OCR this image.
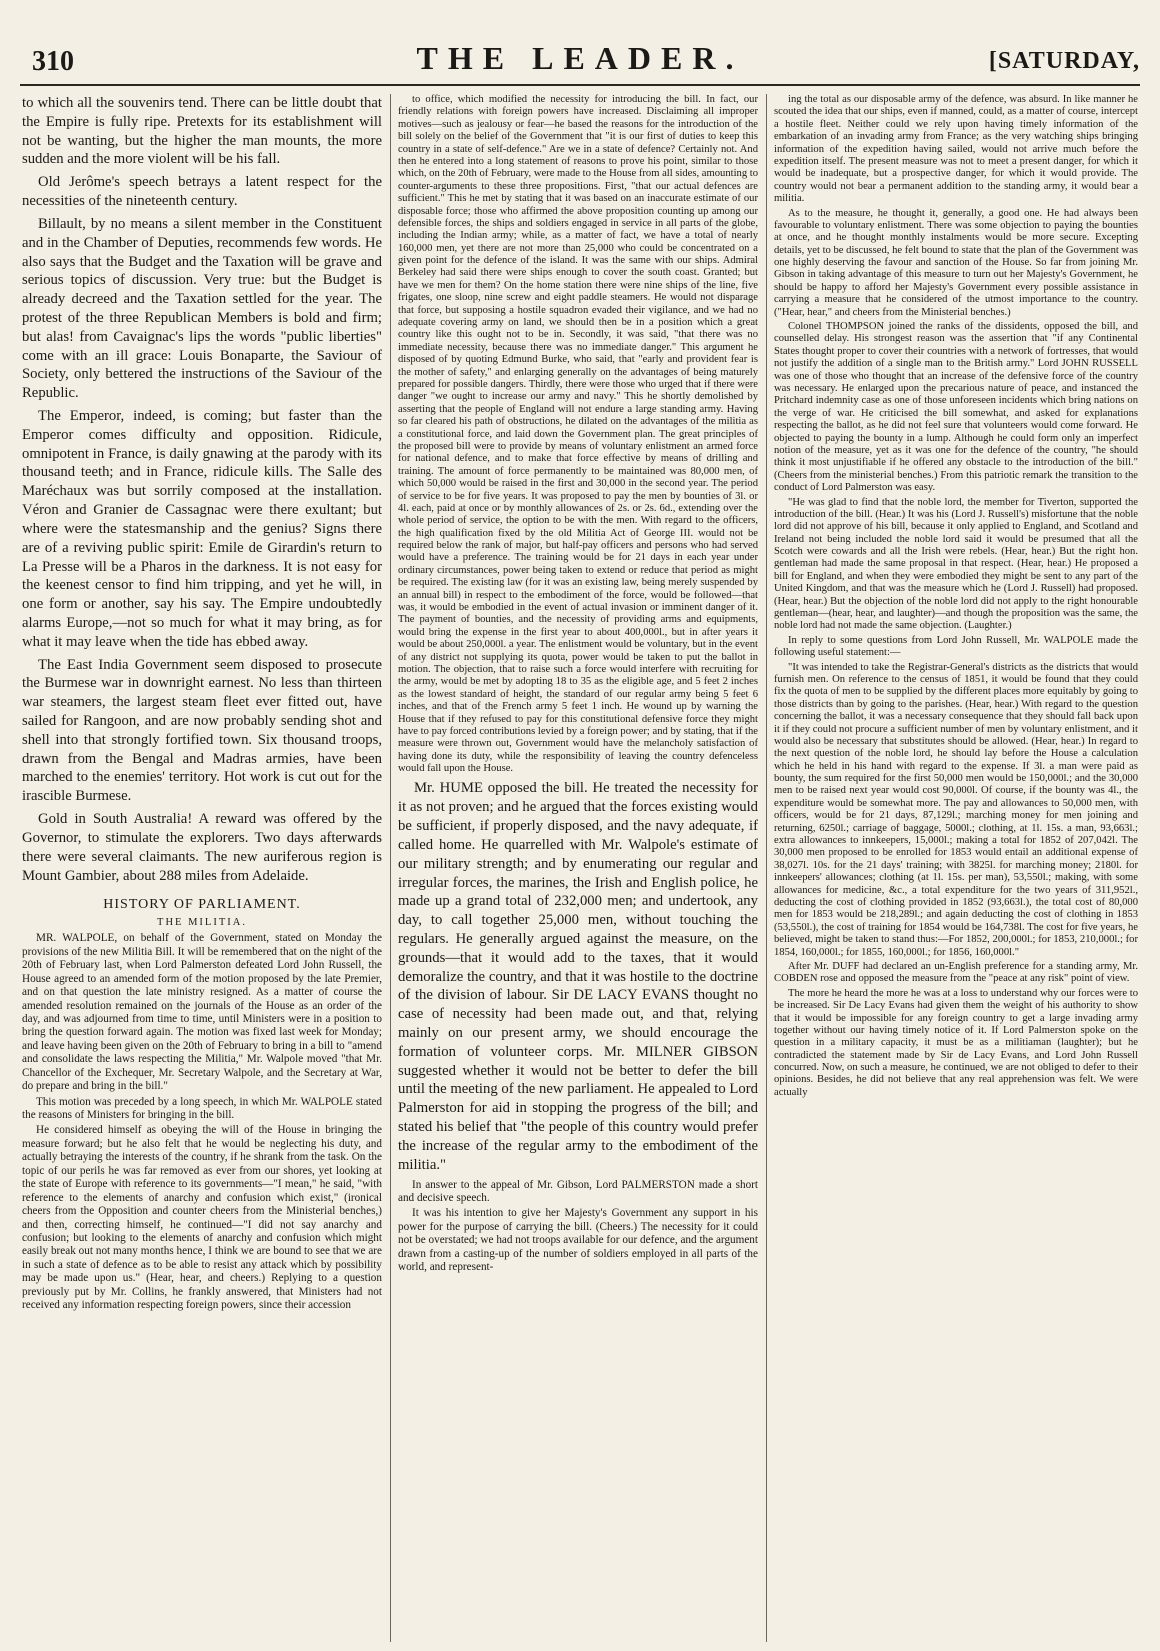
310	THE LEADER.	[SATURDAY,

to which all the souvenirs tend. There can be little doubt that the Empire is fully ripe. Pretexts for its establishment will not be wanting, but the higher the man mounts, the more sudden and the more violent will be his fall.

Old Jerôme's speech betrays a latent respect for the necessities of the nineteenth century.

Billault, by no means a silent member in the Constituent and in the Chamber of Deputies, recommends few words. He also says that the Budget and the Taxation will be grave and serious topics of discussion. Very true: but the Budget is already decreed and the Taxation settled for the year. The protest of the three Republican Members is bold and firm; but alas! from Cavaignac's lips the words "public liberties" come with an ill grace: Louis Bonaparte, the Saviour of Society, only bettered the instructions of the Saviour of the Republic.

The Emperor, indeed, is coming; but faster than the Emperor comes difficulty and opposition. Ridicule, omnipotent in France, is daily gnawing at the parody with its thousand teeth; and in France, ridicule kills. The Salle des Maréchaux was but sorrily composed at the installation. Véron and Granier de Cassagnac were there exultant; but where were the statesmanship and the genius? Signs there are of a reviving public spirit: Emile de Girardin's return to La Presse will be a Pharos in the darkness. It is not easy for the keenest censor to find him tripping, and yet he will, in one form or another, say his say. The Empire undoubtedly alarms Europe,—not so much for what it may bring, as for what it may leave when the tide has ebbed away.

The East India Government seem disposed to prosecute the Burmese war in downright earnest. No less than thirteen war steamers, the largest steam fleet ever fitted out, have sailed for Rangoon, and are now probably sending shot and shell into that strongly fortified town. Six thousand troops, drawn from the Bengal and Madras armies, have been marched to the enemies' territory. Hot work is cut out for the irascible Burmese.

Gold in South Australia! A reward was offered by the Governor, to stimulate the explorers. Two days afterwards there were several claimants. The new auriferous region is Mount Gambier, about 288 miles from Adelaide.

HISTORY OF PARLIAMENT.
THE MILITIA.

MR. WALPOLE, on behalf of the Government, stated on Monday the provisions of the new Militia Bill. It will be remembered that on the night of the 20th of February last, when Lord Palmerston defeated Lord John Russell, the House agreed to an amended form of the motion proposed by the late Premier, and on that question the late ministry resigned. As a matter of course the amended resolution remained on the journals of the House as an order of the day, and was adjourned from time to time, until Ministers were in a position to bring the question forward again. The motion was fixed last week for Monday; and leave having been given on the 20th of February to bring in a bill to "amend and consolidate the laws respecting the Militia," Mr. Walpole moved "that Mr. Chancellor of the Exchequer, Mr. Secretary Walpole, and the Secretary at War, do prepare and bring in the bill."

This motion was preceded by a long speech, in which Mr. WALPOLE stated the reasons of Ministers for bringing in the bill.

He considered himself as obeying the will of the House in bringing the measure forward; but he also felt that he would be neglecting his duty, and actually betraying the interests of the country, if he shrank from the task. On the topic of our perils he was far removed as ever from our shores, yet looking at the state of Europe with reference to its governments—"I mean," he said, "with reference to the elements of anarchy and confusion which exist," (ironical cheers from the Opposition and counter cheers from the Ministerial benches,) and then, correcting himself, he continued—"I did not say anarchy and confusion; but looking to the elements of anarchy and confusion which might easily break out not many months hence, I think we are bound to see that we are in such a state of defence as to be able to resist any attack which by possibility may be made upon us." (Hear, hear, and cheers.) Replying to a question previously put by Mr. Collins, he frankly answered, that Ministers had not received any information respecting foreign powers, since their accession

to office, which modified the necessity for introducing the bill. In fact, our friendly relations with foreign powers have increased. Disclaiming all improper motives—such as jealousy or fear—he based the reasons for the introduction of the bill solely on the belief of the Government that "it is our first of duties to keep this country in a state of self-defence." Are we in a state of defence? Certainly not. And then he entered into a long statement of reasons to prove his point, similar to those which, on the 20th of February, were made to the House from all sides, amounting to counter-arguments to these three propositions. First, "that our actual defences are sufficient." This he met by stating that it was based on an inaccurate estimate of our disposable force; those who affirmed the above proposition counting up among our defensible forces, the ships and soldiers engaged in service in all parts of the globe, including the Indian army; while, as a matter of fact, we have a total of nearly 160,000 men, yet there are not more than 25,000 who could be concentrated on a given point for the defence of the island. It was the same with our ships. Admiral Berkeley had said there were ships enough to cover the south coast. Granted; but have we men for them? On the home station there were nine ships of the line, five frigates, one sloop, nine screw and eight paddle steamers. He would not disparage that force, but supposing a hostile squadron evaded their vigilance, and we had no adequate covering army on land, we should then be in a position which a great country like this ought not to be in. Secondly, it was said, "that there was no immediate necessity, because there was no immediate danger." This argument he disposed of by quoting Edmund Burke, who said, that "early and provident fear is the mother of safety," and enlarging generally on the advantages of being maturely prepared for possible dangers. Thirdly, there were those who urged that if there were danger "we ought to increase our army and navy." This he shortly demolished by asserting that the people of England will not endure a large standing army. Having so far cleared his path of obstructions, he dilated on the advantages of the militia as a constitutional force, and laid down the Government plan. The great principles of the proposed bill were to provide by means of voluntary enlistment an armed force for national defence, and to make that force effective by means of drilling and training. The amount of force permanently to be maintained was 80,000 men, of which 50,000 would be raised in the first and 30,000 in the second year. The period of service to be for five years. It was proposed to pay the men by bounties of 3l. or 4l. each, paid at once or by monthly allowances of 2s. or 2s. 6d., extending over the whole period of service, the option to be with the men. With regard to the officers, the high qualification fixed by the old Militia Act of George III. would not be required below the rank of major, but half-pay officers and persons who had served would have a preference. The training would be for 21 days in each year under ordinary circumstances, power being taken to extend or reduce that period as might be required. The existing law (for it was an existing law, being merely suspended by an annual bill) in respect to the embodiment of the force, would be followed—that was, it would be embodied in the event of actual invasion or imminent danger of it. The payment of bounties, and the necessity of providing arms and equipments, would bring the expense in the first year to about 400,000l., but in after years it would be about 250,000l. a year. The enlistment would be voluntary, but in the event of any district not supplying its quota, power would be taken to put the ballot in motion. The objection, that to raise such a force would interfere with recruiting for the army, would be met by adopting 18 to 35 as the eligible age, and 5 feet 2 inches as the lowest standard of height, the standard of our regular army being 5 feet 6 inches, and that of the French army 5 feet 1 inch. He wound up by warning the House that if they refused to pay for this constitutional defensive force they might have to pay forced contributions levied by a foreign power; and by stating, that if the measure were thrown out, Government would have the melancholy satisfaction of having done its duty, while the responsibility of leaving the country defenceless would fall upon the House.

Mr. HUME opposed the bill. He treated the necessity for it as not proven; and he argued that the forces existing would be sufficient, if properly disposed, and the navy adequate, if called home. He quarrelled with Mr. Walpole's estimate of our military strength; and by enumerating our regular and irregular forces, the marines, the Irish and English police, he made up a grand total of 232,000 men; and undertook, any day, to call together 25,000 men, without touching the regulars. He generally argued against the measure, on the grounds—that it would add to the taxes, that it would demoralize the country, and that it was hostile to the doctrine of the division of labour. Sir DE LACY EVANS thought no case of necessity had been made out, and that, relying mainly on our present army, we should encourage the formation of volunteer corps. Mr. MILNER GIBSON suggested whether it would not be better to defer the bill until the meeting of the new parliament. He appealed to Lord Palmerston for aid in stopping the progress of the bill; and stated his belief that "the people of this country would prefer the increase of the regular army to the embodiment of the militia."

In answer to the appeal of Mr. Gibson, Lord PALMERSTON made a short and decisive speech.

It was his intention to give her Majesty's Government any support in his power for the purpose of carrying the bill. (Cheers.) The necessity for it could not be overstated; we had not troops available for our defence, and the argument drawn from a casting-up of the number of soldiers employed in all parts of the world, and represent-

ing the total as our disposable army of the defence, was absurd. In like manner he scouted the idea that our ships, even if manned, could, as a matter of course, intercept a hostile fleet. Neither could we rely upon having timely information of the embarkation of an invading army from France; as the very watching ships bringing information of the expedition having sailed, would not arrive much before the expedition itself. The present measure was not to meet a present danger, for which it would be inadequate, but a prospective danger, for which it would provide. The country would not bear a permanent addition to the standing army, it would bear a militia.

As to the measure, he thought it, generally, a good one. He had always been favourable to voluntary enlistment. There was some objection to paying the bounties at once, and he thought monthly instalments would be more secure. Excepting details, yet to be discussed, he felt bound to state that the plan of the Government was one highly deserving the favour and sanction of the House. So far from joining Mr. Gibson in taking advantage of this measure to turn out her Majesty's Government, he should be happy to afford her Majesty's Government every possible assistance in carrying a measure that he considered of the utmost importance to the country. ("Hear, hear," and cheers from the Ministerial benches.)

Colonel THOMPSON joined the ranks of the dissidents, opposed the bill, and counselled delay. His strongest reason was the assertion that "if any Continental States thought proper to cover their countries with a network of fortresses, that would not justify the addition of a single man to the British army." Lord JOHN RUSSELL was one of those who thought that an increase of the defensive force of the country was necessary. He enlarged upon the precarious nature of peace, and instanced the Pritchard indemnity case as one of those unforeseen incidents which bring nations on the verge of war. He criticised the bill somewhat, and asked for explanations respecting the ballot, as he did not feel sure that volunteers would come forward. He objected to paying the bounty in a lump. Although he could form only an imperfect notion of the measure, yet as it was one for the defence of the country, "he should think it most unjustifiable if he offered any obstacle to the introduction of the bill." (Cheers from the ministerial benches.) From this patriotic remark the transition to the conduct of Lord Palmerston was easy.

"He was glad to find that the noble lord, the member for Tiverton, supported the introduction of the bill. (Hear.) It was his (Lord J. Russell's) misfortune that the noble lord did not approve of his bill, because it only applied to England, and Scotland and Ireland not being included the noble lord said it would be presumed that all the Scotch were cowards and all the Irish were rebels. (Hear, hear.) But the right hon. gentleman had made the same proposal in that respect. (Hear, hear.) He proposed a bill for England, and when they were embodied they might be sent to any part of the United Kingdom, and that was the measure which he (Lord J. Russell) had proposed. (Hear, hear.) But the objection of the noble lord did not apply to the right honourable gentleman—(hear, hear, and laughter)—and though the proposition was the same, the noble lord had not made the same objection. (Laughter.)

In reply to some questions from Lord John Russell, Mr. WALPOLE made the following useful statement:—

"It was intended to take the Registrar-General's districts as the districts that would furnish men. On reference to the census of 1851, it would be found that they could fix the quota of men to be supplied by the different places more equitably by going to those districts than by going to the parishes. (Hear, hear.) With regard to the question concerning the ballot, it was a necessary consequence that they should fall back upon it if they could not procure a sufficient number of men by voluntary enlistment, and it would also be necessary that substitutes should be allowed. (Hear, hear.) In regard to the next question of the noble lord, he should lay before the House a calculation which he held in his hand with regard to the expense. If 3l. a man were paid as bounty, the sum required for the first 50,000 men would be 150,000l.; and the 30,000 men to be raised next year would cost 90,000l. Of course, if the bounty was 4l., the expenditure would be somewhat more. The pay and allowances to 50,000 men, with officers, would be for 21 days, 87,129l.; marching money for men joining and returning, 6250l.; carriage of baggage, 5000l.; clothing, at 1l. 15s. a man, 93,663l.; extra allowances to innkeepers, 15,000l.; making a total for 1852 of 207,042l. The 30,000 men proposed to be enrolled for 1853 would entail an additional expense of 38,027l. 10s. for the 21 days' training; with 3825l. for marching money; 2180l. for innkeepers' allowances; clothing (at 1l. 15s. per man), 53,550l.; making, with some allowances for medicine, &c., a total expenditure for the two years of 311,952l., deducting the cost of clothing provided in 1852 (93,663l.), the total cost of 80,000 men for 1853 would be 218,289l.; and again deducting the cost of clothing in 1853 (53,550l.), the cost of training for 1854 would be 164,738l. The cost for five years, he believed, might be taken to stand thus:—For 1852, 200,000l.; for 1853, 210,000l.; for 1854, 160,000l.; for 1855, 160,000l.; for 1856, 160,000l."

After Mr. DUFF had declared an un-English preference for a standing army, Mr. COBDEN rose and opposed the measure from the "peace at any risk" point of view.

The more he heard the more he was at a loss to understand why our forces were to be increased. Sir De Lacy Evans had given them the weight of his authority to show that it would be impossible for any foreign country to get a large invading army together without our having timely notice of it. If Lord Palmerston spoke on the question in a military capacity, it must be as a militiaman (laughter); but he contradicted the statement made by Sir de Lacy Evans, and Lord John Russell concurred. Now, on such a measure, he continued, we are not obliged to defer to their opinions. Besides, he did not believe that any real apprehension was felt. We were actually
